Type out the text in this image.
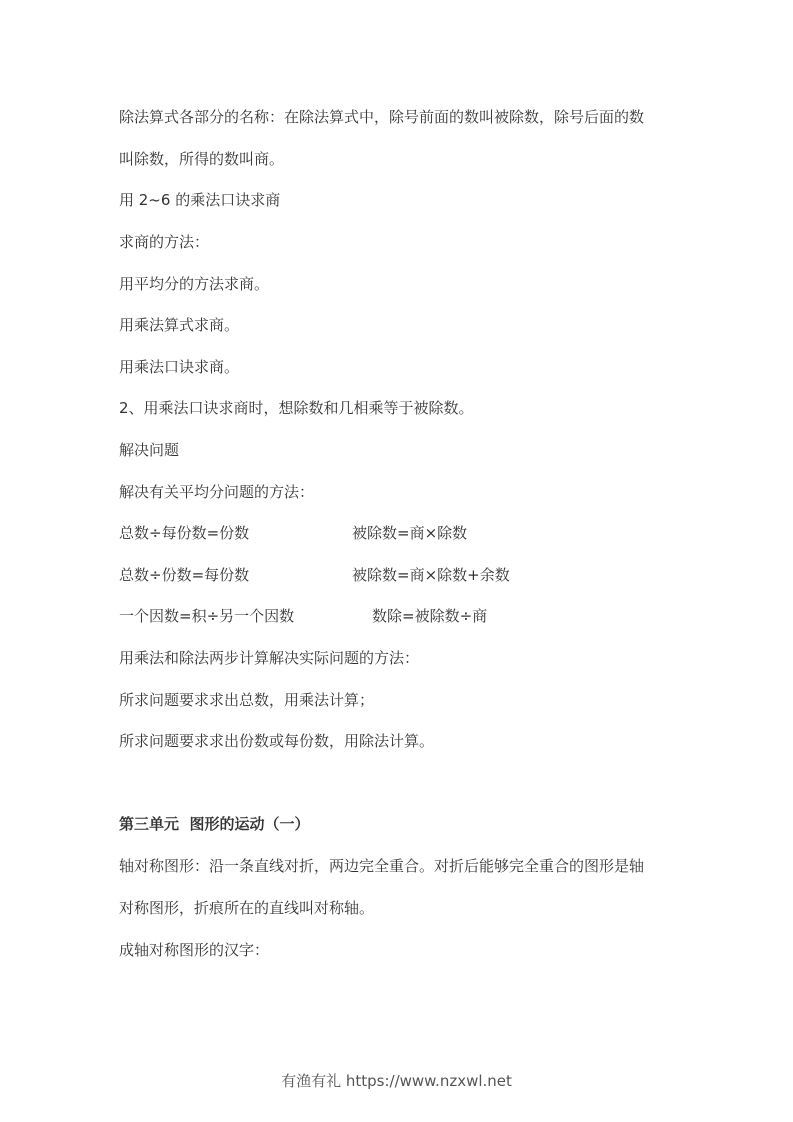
除法算式各部分的名称：在除法算式中，除号前面的数叫被除数，除号后面的数
叫除数，所得的数叫商。
用 2~6 的乘法口诀求商
求商的方法：
用平均分的方法求商。
用乘法算式求商。
用乘法口诀求商。
2、用乘法口诀求商时，想除数和几相乘等于被除数。
解决问题
解决有关平均分问题的方法：
总数÷每份数=份数	被除数=商×除数
总数÷份数=每份数	被除数=商×除数+余数
一个因数=积÷另一个因数	数除=被除数÷商
用乘法和除法两步计算解决实际问题的方法：
所求问题要求求出总数，用乘法计算；
所求问题要求求出份数或每份数，用除法计算。
第三单元  图形的运动（一）
轴对称图形：沿一条直线对折，两边完全重合。对折后能够完全重合的图形是轴
对称图形，折痕所在的直线叫对称轴。
成轴对称图形的汉字：
有渔有礼 https://www.nzxwl.net
